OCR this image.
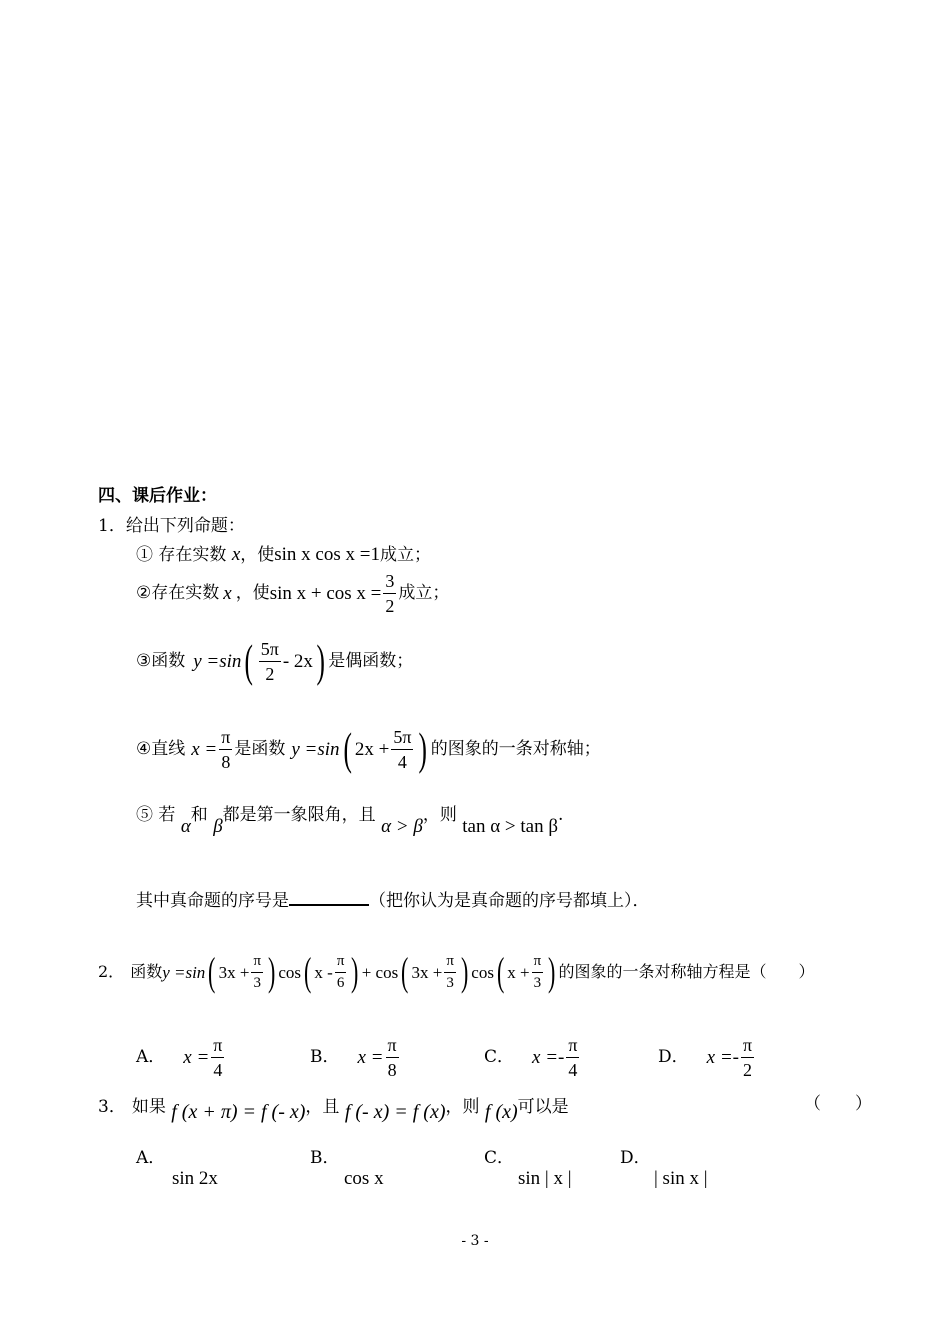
四、课后作业：
1．给出下列命题：
① 存在实数 x，使sin x cos x =1成立；
② 存在实数 x ，使 $\sin x + \cos x = \frac{3}{2}$ 成立；
③ 函数 y =sin ( $\frac{5\pi}{2} - 2x$ ) 是偶函数；
④ 直线 $x = \frac{\pi}{8}$ 是函数 y =sin ( $2x + \frac{5\pi}{4}$ ) 的图象的一条对称轴；
⑤ 若 α和 β都是第一象限角，且 α > β，则 tan α > tan β.
其中真命题的序号是	（把你认为是真命题的序号都填上）．
2． 函数 y =sin ( $3x + \frac{\pi}{3}$ ) cos ( x - $\frac{\pi}{6}$ ) + cos ( $3x + \frac{\pi}{3}$ ) cos ( $x + \frac{\pi}{3}$ ) 的图象的一条对称轴方程是（　　）
A． $x = \frac{\pi}{4}$	B． $x = \frac{\pi}{8}$	C． $x =- \frac{\pi}{4}$	D． $x =- \frac{\pi}{2}$
3． 如果 f (x + π) = f (- x)，且 f (- x) = f (x)，则 f (x)可以是	（　　）
A．
sin 2x
B．
cos x
C．
sin | x |
D．
| sin x |
- 3 -
